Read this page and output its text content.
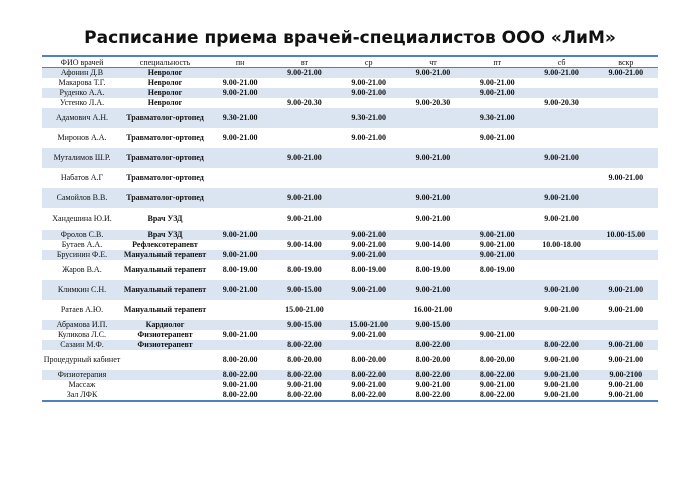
Расписание приема врачей-специалистов ООО «ЛиМ»
ФИО врачей	специальность	пн	вт	ср	чт	пт	сб	вскр
Афонин Д.В	Невролог		9.00-21.00		9.00-21.00		9.00-21.00	9.00-21.00
Макарова Т.Г.	Невролог	9.00-21.00		9.00-21.00		9.00-21.00		
Руденко А.А.	Невролог	9.00-21.00		9.00-21.00		9.00-21.00		
Устенко Л.А.	Невролог		9.00-20.30		9.00-20.30		9.00-20.30	
Адамович А.Н.	Травматолог-ортопед	9.30-21.00		9.30-21.00		9.30-21.00		
Миронов А.А.	Травматолог-ортопед	9.00-21.00		9.00-21.00		9.00-21.00		
Муталимов Ш.Р.	Травматолог-ортопед		9.00-21.00		9.00-21.00		9.00-21.00	
Набатов А.Г	Травматолог-ортопед							9.00-21.00
Самойлов В.В.	Травматолог-ортопед		9.00-21.00		9.00-21.00		9.00-21.00	
Хандешина Ю.И.	Врач УЗД		9.00-21.00		9.00-21.00		9.00-21.00	
Фролов С.В.	Врач УЗД	9.00-21.00		9.00-21.00		9.00-21.00		10.00-15.00
Бутаев А.А.	Рефлексотерапевт		9.00-14.00	9.00-21.00	9.00-14.00	9.00-21.00	10.00-18.00	
Брусинин Ф.Е.	Мануальный терапевт	9.00-21.00		9.00-21.00		9.00-21.00		
Жаров В.А.	Мануальный терапевт	8.00-19.00	8.00-19.00	8.00-19.00	8.00-19.00	8.00-19.00		
Климкин С.Н.	Мануальный терапевт	9.00-21.00	9.00-15.00	9.00-21.00	9.00-21.00		9.00-21.00	9.00-21.00
Ратаев А.Ю.	Мануальный терапевт		15.00-21.00		16.00-21.00		9.00-21.00	9.00-21.00
Абрамова И.П.	Кардиолог		9.00-15.00	15.00-21.00	9.00-15.00			
Куликова Л.С.	Физиотерапевт	9.00-21.00		9.00-21.00		9.00-21.00		
Сазаин М.Ф.	Физиотерапевт		8.00-22.00		8.00-22.00		8.00-22.00	9.00-21.00
Процедурный кабинет		8.00-20.00	8.00-20.00	8.00-20.00	8.00-20.00	8.00-20.00	9.00-21.00	9.00-21.00
Физиотерапия		8.00-22.00	8.00-22.00	8.00-22.00	8.00-22.00	8.00-22.00	9.00-21.00	9.00-2100
Массаж		9.00-21.00	9.00-21.00	9.00-21.00	9.00-21.00	9.00-21.00	9.00-21.00	9.00-21.00
Зал ЛФК		8.00-22.00	8.00-22.00	8.00-22.00	8.00-22.00	8.00-22.00	9.00-21.00	9.00-21.00
